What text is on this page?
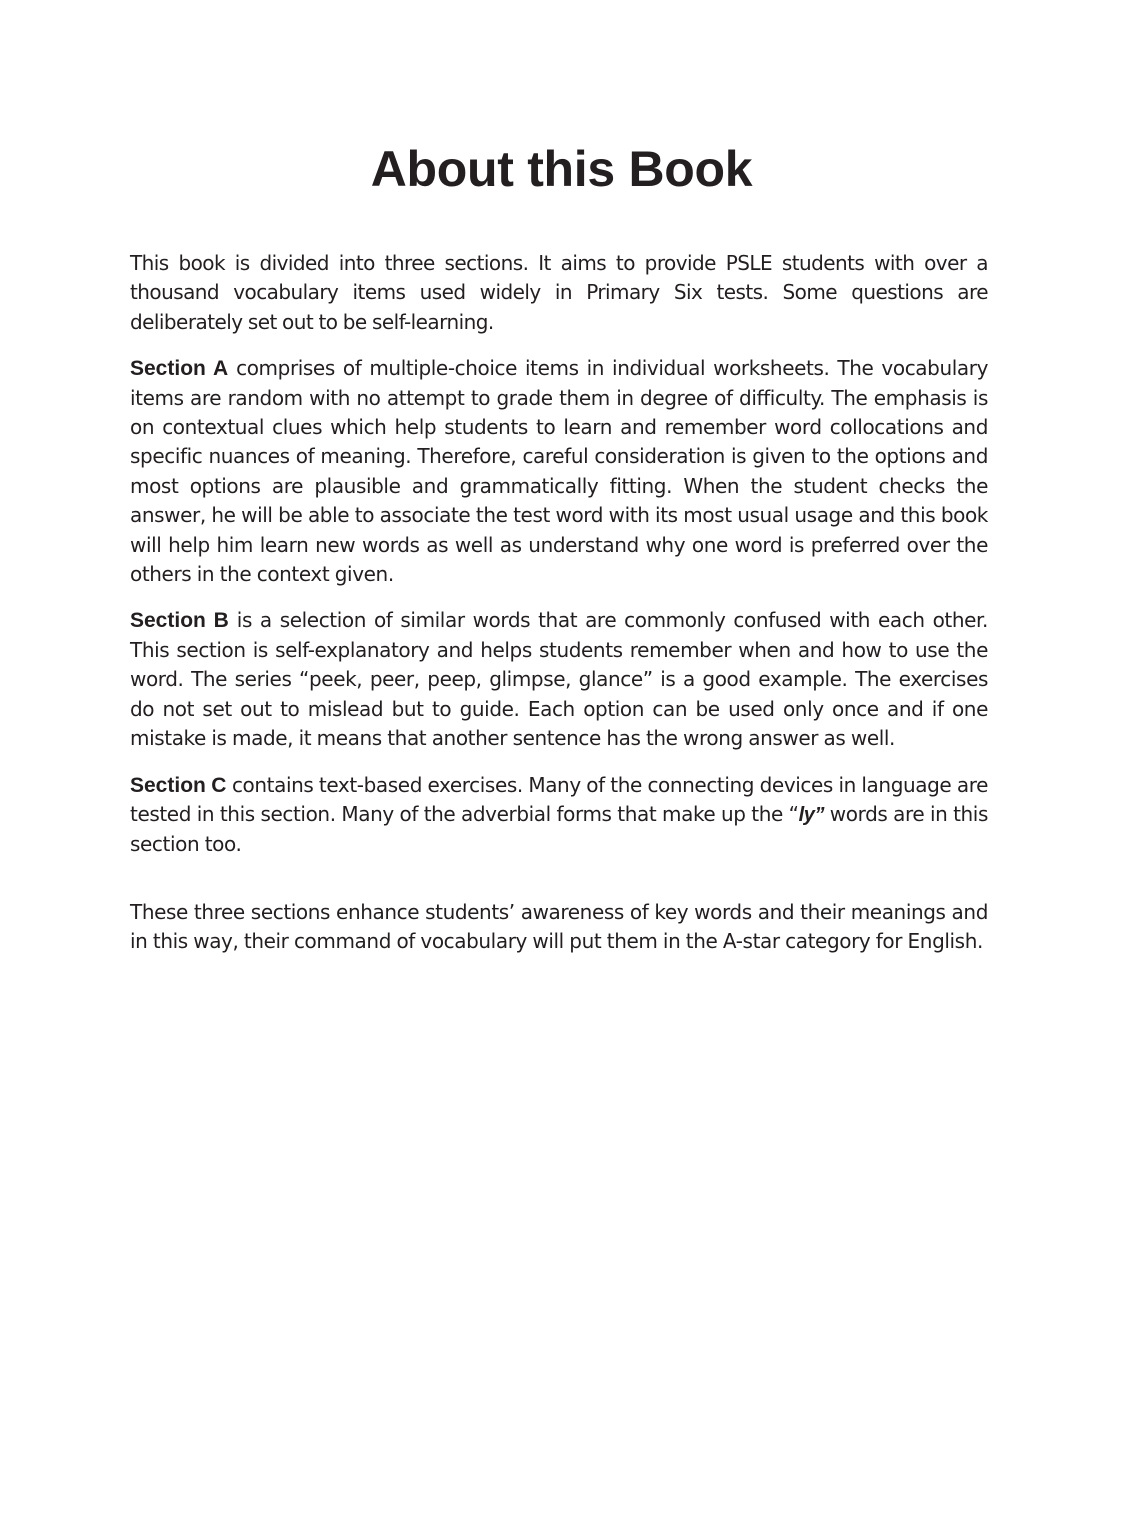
About this Book

This book is divided into three sections. It aims to provide PSLE students with over a thousand vocabulary items used widely in Primary Six tests. Some questions are deliberately set out to be self-learning.

Section A comprises of multiple-choice items in individual worksheets. The vocabulary items are random with no attempt to grade them in degree of difficulty. The emphasis is on contextual clues which help students to learn and remember word collocations and specific nuances of meaning. Therefore, careful consideration is given to the options and most options are plausible and grammatically fitting. When the student checks the answer, he will be able to associate the test word with its most usual usage and this book will help him learn new words as well as understand why one word is preferred over the others in the context given.

Section B is a selection of similar words that are commonly confused with each other. This section is self-explanatory and helps students remember when and how to use the word. The series “peek, peer, peep, glimpse, glance” is a good example. The exercises do not set out to mislead but to guide. Each option can be used only once and if one mistake is made, it means that another sentence has the wrong answer as well.

Section C contains text-based exercises. Many of the connecting devices in language are tested in this section. Many of the adverbial forms that make up the “ly” words are in this section too.

These three sections enhance students’ awareness of key words and their meanings and in this way, their command of vocabulary will put them in the A-star category for English.
